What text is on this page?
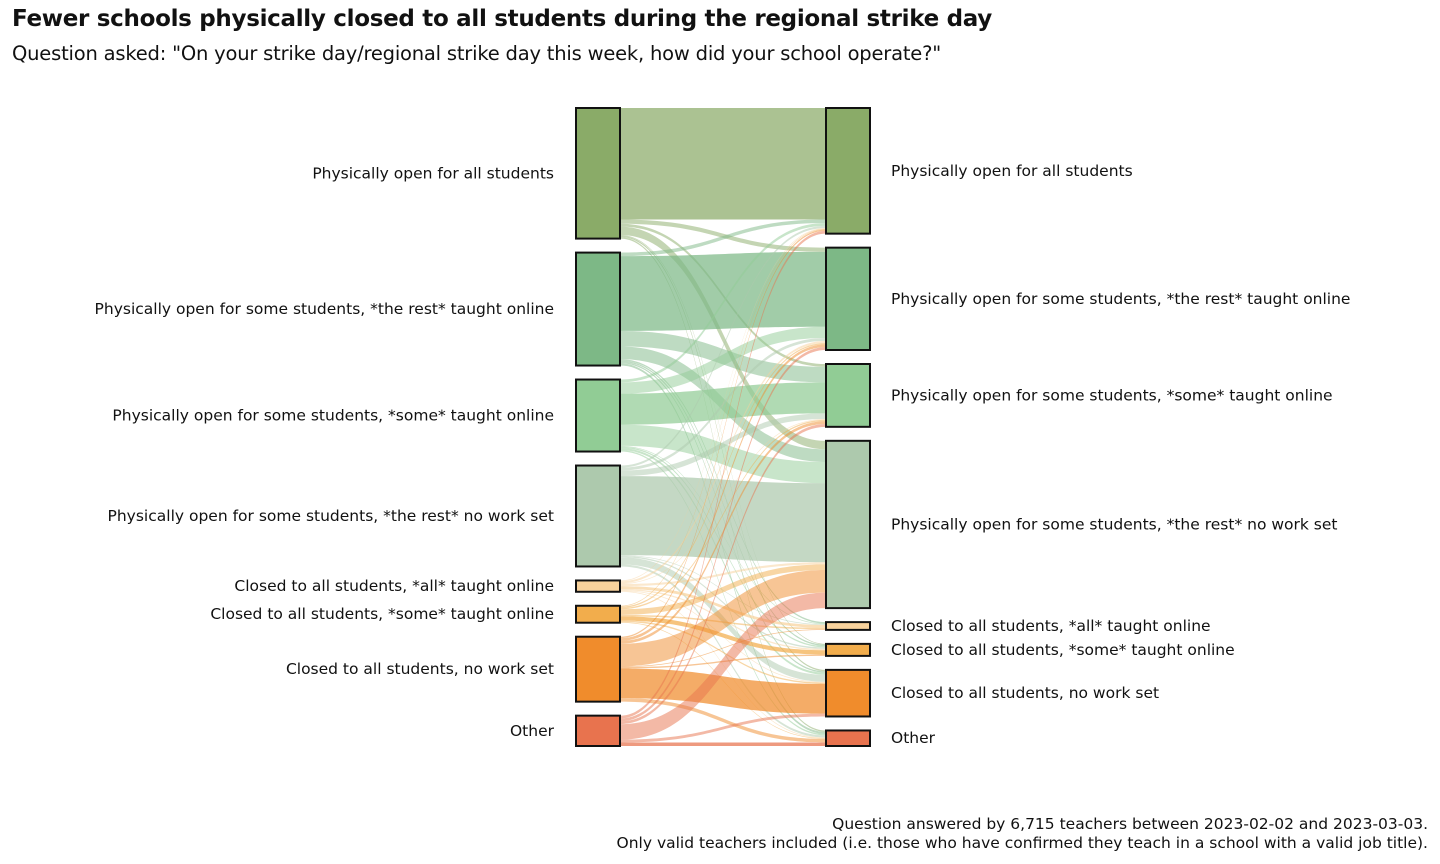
Fewer schools physically closed to all students during the regional strike day
Question asked: "On your strike day/regional strike day this week, how did your school operate?"
Physically open for all students
Physically open for some students, *the rest* taught online
Physically open for some students, *some* taught online
Physically open for some students, *the rest* no work set
Closed to all students, *all* taught online
Closed to all students, *some* taught online
Closed to all students, no work set
Other
Physically open for all students
Physically open for some students, *the rest* taught online
Physically open for some students, *some* taught online
Physically open for some students, *the rest* no work set
Closed to all students, *all* taught online
Closed to all students, *some* taught online
Closed to all students, no work set
Other
Question answered by 6,715 teachers between 2023-02-02 and 2023-03-03.
Only valid teachers included (i.e. those who have confirmed they teach in a school with a valid job title).
